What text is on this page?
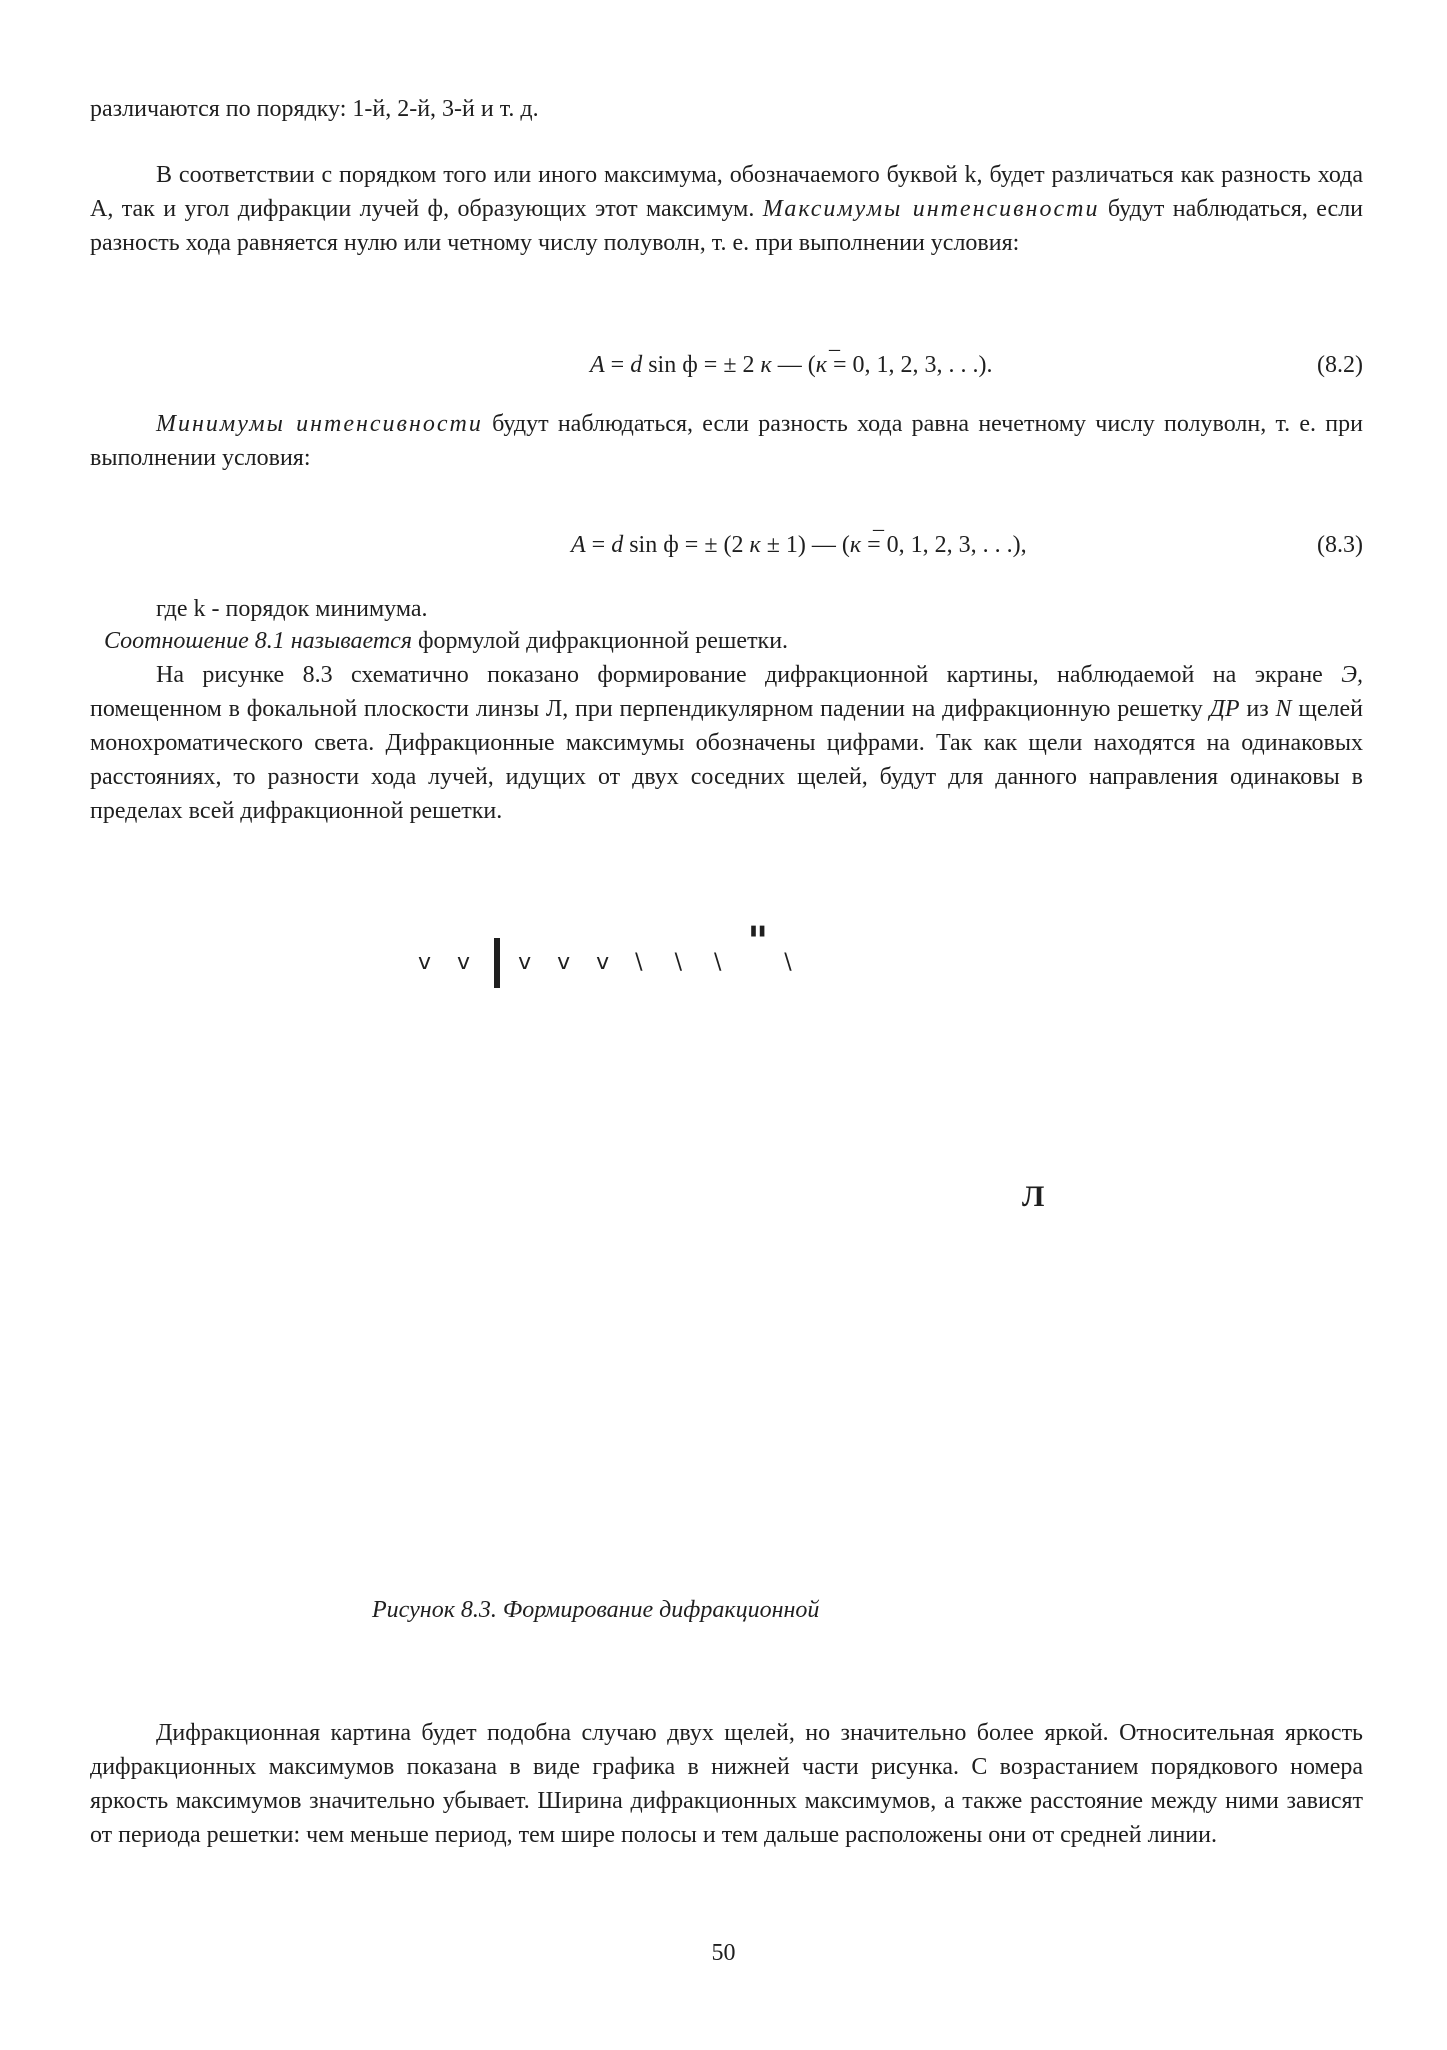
различаются по порядку: 1-й, 2-й, 3-й и т. д.

В соответствии с порядком того или иного максимума, обозначаемого буквой k, будет различаться как разность хода А, так и угол дифракции лучей ф, образующих этот максимум. Максимумы интенсивности будут наблюдаться, если разность хода равняется нулю или четному числу полуволн, т. е. при выполнении условия:

_
A = d sin ф = ± 2 к — (к = 0, 1, 2, 3, . . .).	(8.2)

Минимумы интенсивности будут наблюдаться, если разность хода равна нечетному числу полуволн, т. е. при выполнении условия:

_
A = d sin ф = ± (2 к ± 1) — (к = 0, 1, 2, 3, . . .),	(8.3)

где k - порядок минимума.

Соотношение 8.1 называется формулой дифракционной решетки.

На рисунке 8.3 схематично показано формирование дифракционной картины, наблюдаемой на экране Э, помещенном в фокальной плоскости линзы Л, при перпендикулярном падении на дифракционную решетку ДР из N щелей монохроматического света. Дифракционные максимумы обозначены цифрами. Так как щели находятся на одинаковых расстояниях, то разности хода лучей, идущих от двух соседних щелей, будут для данного направления одинаковы в пределах всей дифракционной решетки.

v v v v v \ \ \ " \

Л

Рисунок 8.3. Формирование дифракционной

Дифракционная картина будет подобна случаю двух щелей, но значительно более яркой. Относительная яркость дифракционных максимумов показана в виде графика в нижней части рисунка. С возрастанием порядкового номера яркость максимумов значительно убывает. Ширина дифракционных максимумов, а также расстояние между ними зависят от периода решетки: чем меньше период, тем шире полосы и тем дальше расположены они от средней линии.

50
